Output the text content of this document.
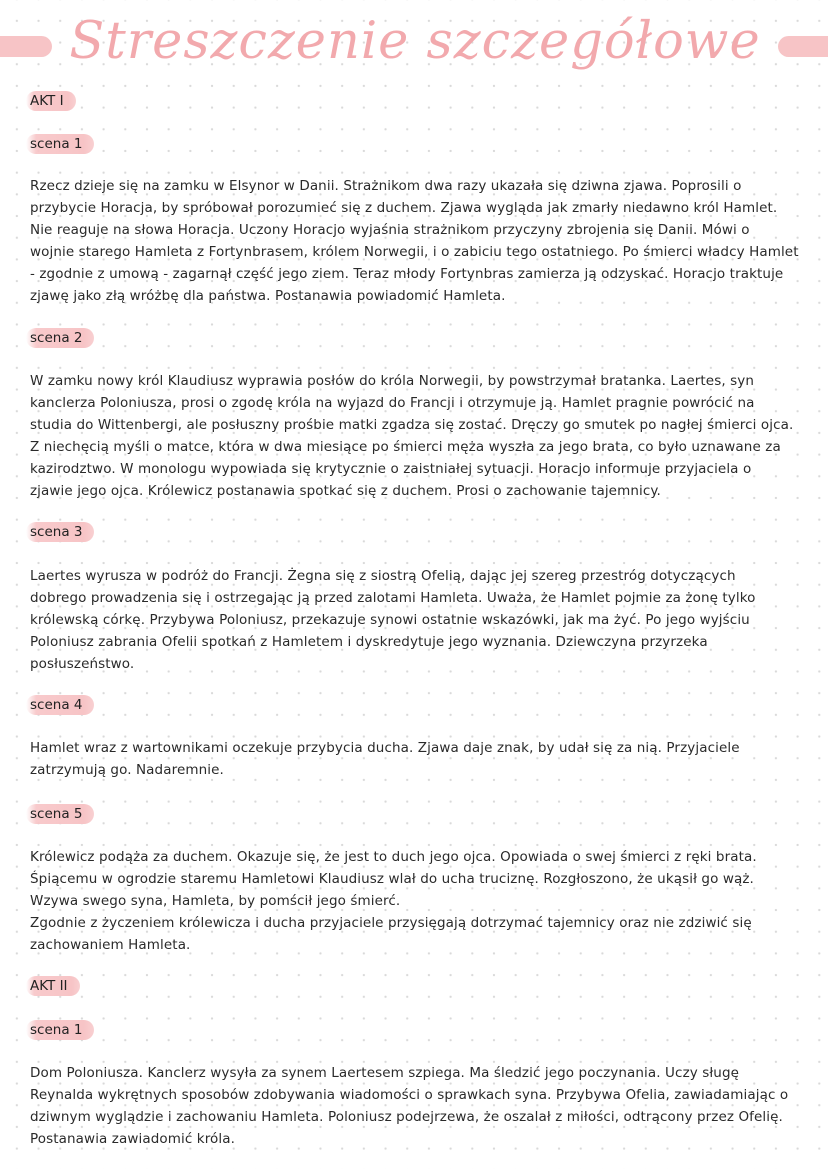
Streszczenie szczegółowe
AKT I
scena 1
Rzecz dzieje się na zamku w Elsynor w Danii. Strażnikom dwa razy ukazała się dziwna zjawa. Poprosili o
przybycie Horacja, by spróbował porozumieć się z duchem. Zjawa wygląda jak zmarły niedawno król Hamlet.
Nie reaguje na słowa Horacja. Uczony Horacjo wyjaśnia strażnikom przyczyny zbrojenia się Danii. Mówi o
wojnie starego Hamleta z Fortynbrasem, królem Norwegii, i o zabiciu tego ostatniego. Po śmierci władcy Hamlet
- zgodnie z umową - zagarnął część jego ziem. Teraz młody Fortynbras zamierza ją odzyskać. Horacjo traktuje
zjawę jako złą wróżbę dla państwa. Postanawia powiadomić Hamleta.
scena 2
W zamku nowy król Klaudiusz wyprawia posłów do króla Norwegii, by powstrzymał bratanka. Laertes, syn
kanclerza Poloniusza, prosi o zgodę króla na wyjazd do Francji i otrzymuje ją. Hamlet pragnie powrócić na
studia do Wittenbergi, ale posłuszny prośbie matki zgadza się zostać. Dręczy go smutek po nagłej śmierci ojca.
Z niechęcią myśli o matce, która w dwa miesiące po śmierci męża wyszła za jego brata, co było uznawane za
kazirodztwo. W monologu wypowiada się krytycznie o zaistniałej sytuacji. Horacjo informuje przyjaciela o
zjawie jego ojca. Królewicz postanawia spotkać się z duchem. Prosi o zachowanie tajemnicy.
scena 3
Laertes wyrusza w podróż do Francji. Żegna się z siostrą Ofelią, dając jej szereg przestróg dotyczących
dobrego prowadzenia się i ostrzegając ją przed zalotami Hamleta. Uważa, że Hamlet pojmie za żonę tylko
królewską córkę. Przybywa Poloniusz, przekazuje synowi ostatnie wskazówki, jak ma żyć. Po jego wyjściu
Poloniusz zabrania Ofelii spotkań z Hamletem i dyskredytuje jego wyznania. Dziewczyna przyrzeka
posłuszeństwo.
scena 4
Hamlet wraz z wartownikami oczekuje przybycia ducha. Zjawa daje znak, by udał się za nią. Przyjaciele
zatrzymują go. Nadaremnie.
scena 5
Królewicz podąża za duchem. Okazuje się, że jest to duch jego ojca. Opowiada o swej śmierci z ręki brata.
Śpiącemu w ogrodzie staremu Hamletowi Klaudiusz wlał do ucha truciznę. Rozgłoszono, że ukąsił go wąż.
Wzywa swego syna, Hamleta, by pomścił jego śmierć.
Zgodnie z życzeniem królewicza i ducha przyjaciele przysięgają dotrzymać tajemnicy oraz nie zdziwić się
zachowaniem Hamleta.
AKT II
scena 1
Dom Poloniusza. Kanclerz wysyła za synem Laertesem szpiega. Ma śledzić jego poczynania. Uczy sługę
Reynalda wykrętnych sposobów zdobywania wiadomości o sprawkach syna. Przybywa Ofelia, zawiadamiając o
dziwnym wyglądzie i zachowaniu Hamleta. Poloniusz podejrzewa, że oszalał z miłości, odtrącony przez Ofelię.
Postanawia zawiadomić króla.
